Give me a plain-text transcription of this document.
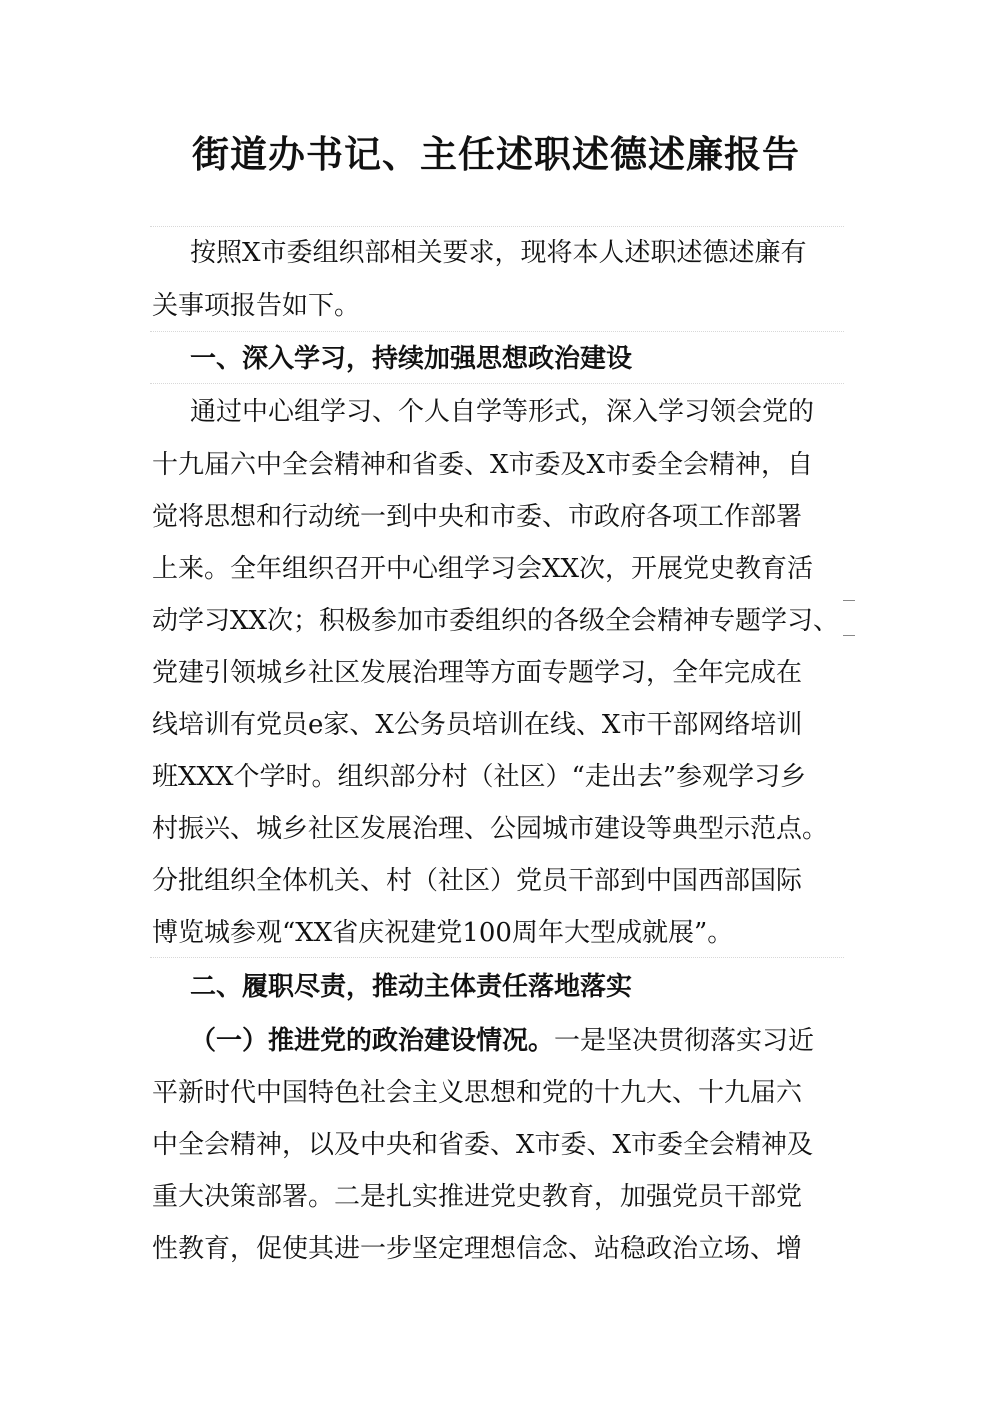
街道办书记、主任述职述德述廉报告
按照X市委组织部相关要求，现将本人述职述德述廉有
关事项报告如下。
一、深入学习，持续加强思想政治建设
通过中心组学习、个人自学等形式，深入学习领会党的
十九届六中全会精神和省委、X市委及X市委全会精神，自
觉将思想和行动统一到中央和市委、市政府各项工作部署
上来。全年组织召开中心组学习会XX次，开展党史教育活
动学习XX次；积极参加市委组织的各级全会精神专题学习、
党建引领城乡社区发展治理等方面专题学习，全年完成在
线培训有党员e家、X公务员培训在线、X市干部网络培训
班XXX个学时。组织部分村（社区）“走出去”参观学习乡
村振兴、城乡社区发展治理、公园城市建设等典型示范点。
分批组织全体机关、村（社区）党员干部到中国西部国际
博览城参观“XX省庆祝建党100周年大型成就展”。
二、履职尽责，推动主体责任落地落实
（一）推进党的政治建设情况。一是坚决贯彻落实习近
平新时代中国特色社会主义思想和党的十九大、十九届六
中全会精神，以及中央和省委、X市委、X市委全会精神及
重大决策部署。二是扎实推进党史教育，加强党员干部党
性教育，促使其进一步坚定理想信念、站稳政治立场、增
